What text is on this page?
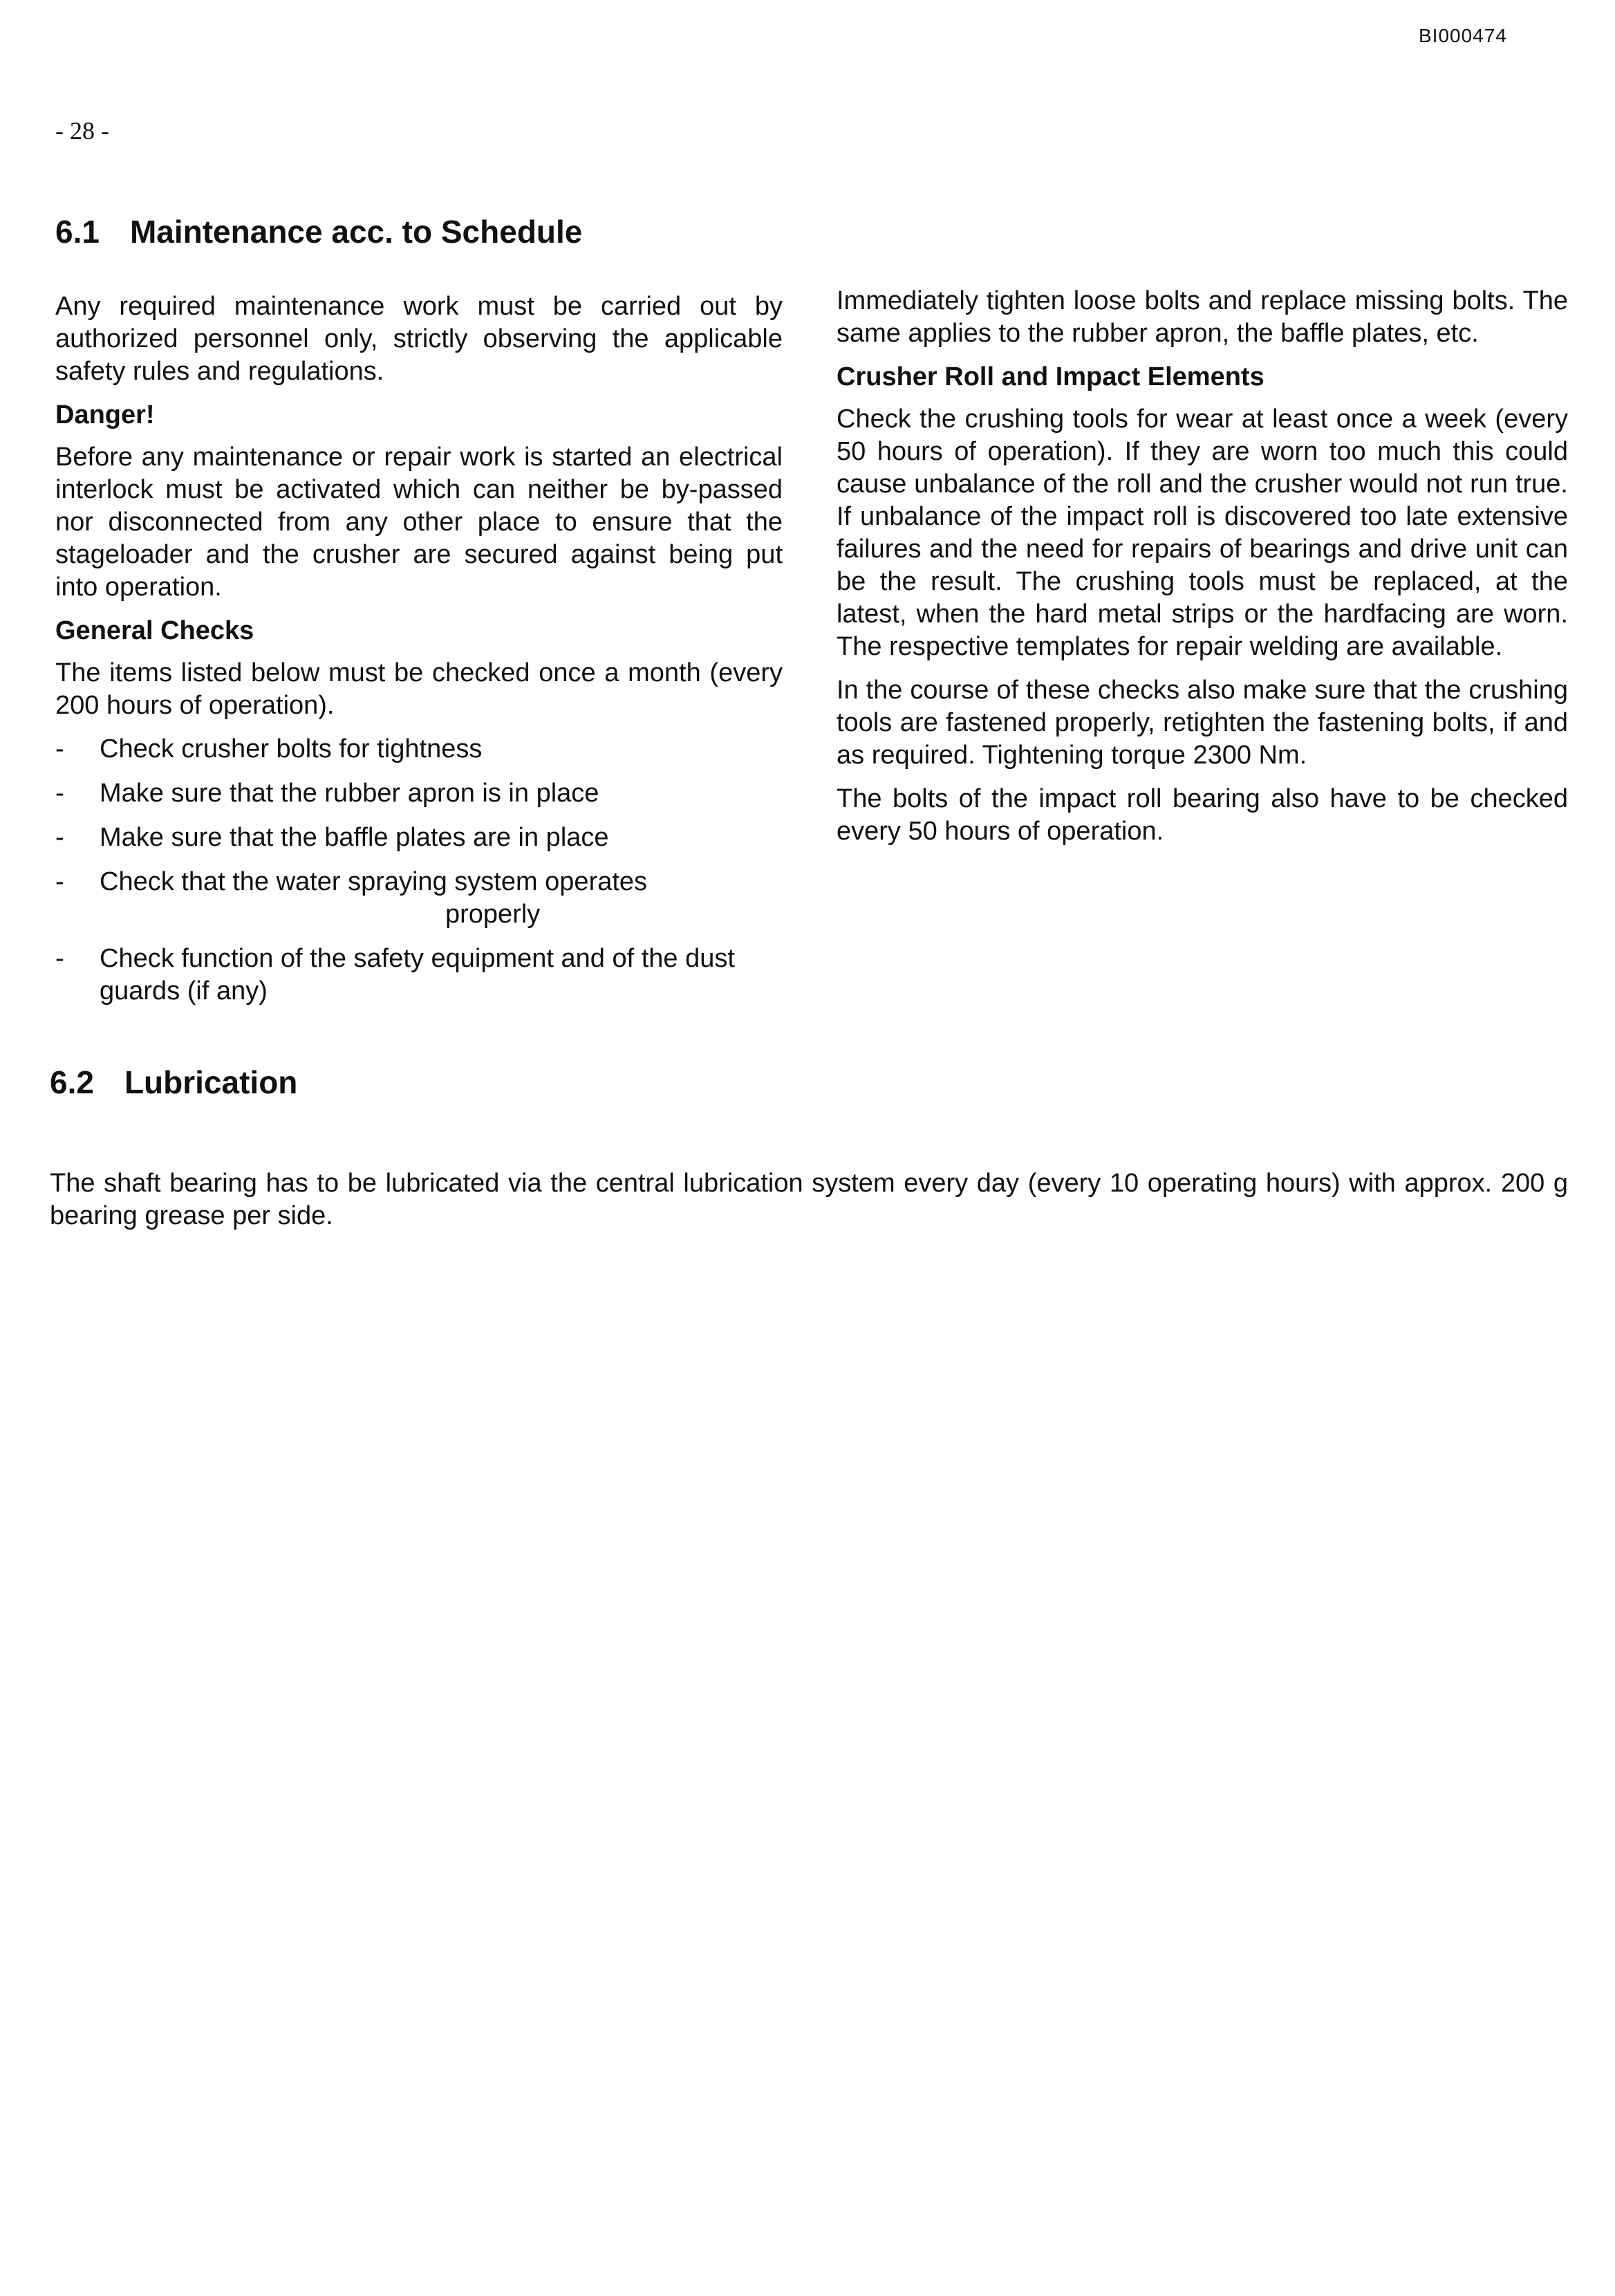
BI000474
- 28 -
6.1 Maintenance acc. to Schedule

Any required maintenance work must be carried out by authorized personnel only, strictly observing the applicable safety rules and regulations.

Danger!

Before any maintenance or repair work is started an electrical interlock must be activated which can neither be by-passed nor disconnected from any other place to ensure that the stageloader and the crusher are secured against being put into operation.

General Checks

The items listed below must be checked once a month (every 200 hours of operation).

- Check crusher bolts for tightness
- Make sure that the rubber apron is in place
- Make sure that the baffle plates are in place
- Check that the water spraying system operates
properly
- Check function of the safety equipment and of the dust guards (if any)

Immediately tighten loose bolts and replace missing bolts. The same applies to the rubber apron, the baffle plates, etc.

Crusher Roll and Impact Elements

Check the crushing tools for wear at least once a week (every 50 hours of operation). If they are worn too much this could cause unbalance of the roll and the crusher would not run true. If unbalance of the impact roll is discovered too late extensive failures and the need for repairs of bearings and drive unit can be the result. The crushing tools must be replaced, at the latest, when the hard metal strips or the hardfacing are worn. The respective templates for repair welding are available.

In the course of these checks also make sure that the crushing tools are fastened properly, retighten the fastening bolts, if and as required. Tightening torque 2300 Nm.

The bolts of the impact roll bearing also have to be checked every 50 hours of operation.

6.2 Lubrication

The shaft bearing has to be lubricated via the central lubrication system every day (every 10 operating hours) with approx. 200 g bearing grease per side.
